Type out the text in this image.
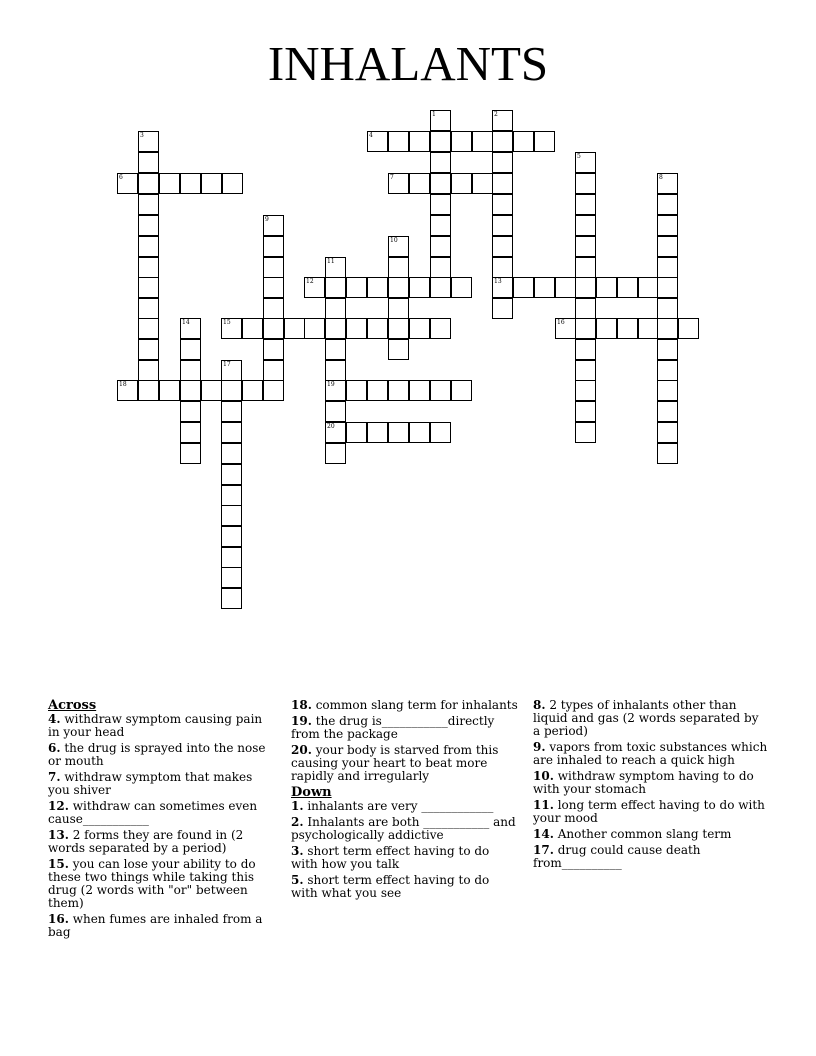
INHALANTS
1	2
3	4
5
6	7	8
9
10
11
12	13
14	15	16
17
18	19
20
Across
4. withdraw symptom causing pain in your head
6. the drug is sprayed into the nose or mouth
7. withdraw symptom that makes you shiver
12. withdraw can sometimes even cause___________
13. 2 forms they are found in (2 words separated by a period)
15. you can lose your ability to do these two things while taking this drug (2 words with "or" between them)
16. when fumes are inhaled from a bag
18. common slang term for inhalants
19. the drug is___________directly from the package
20. your body is starved from this causing your heart to beat more rapidly and irregularly
Down
1. inhalants are very ____________
2. Inhalants are both ___________ and psychologically addictive
3. short term effect having to do with how you talk
5. short term effect having to do with what you see
8. 2 types of inhalants other than liquid and gas (2 words separated by a period)
9. vapors from toxic substances which are inhaled to reach a quick high
10. withdraw symptom having to do with your stomach
11. long term effect having to do with your mood
14. Another common slang term
17. drug could cause death from__________
